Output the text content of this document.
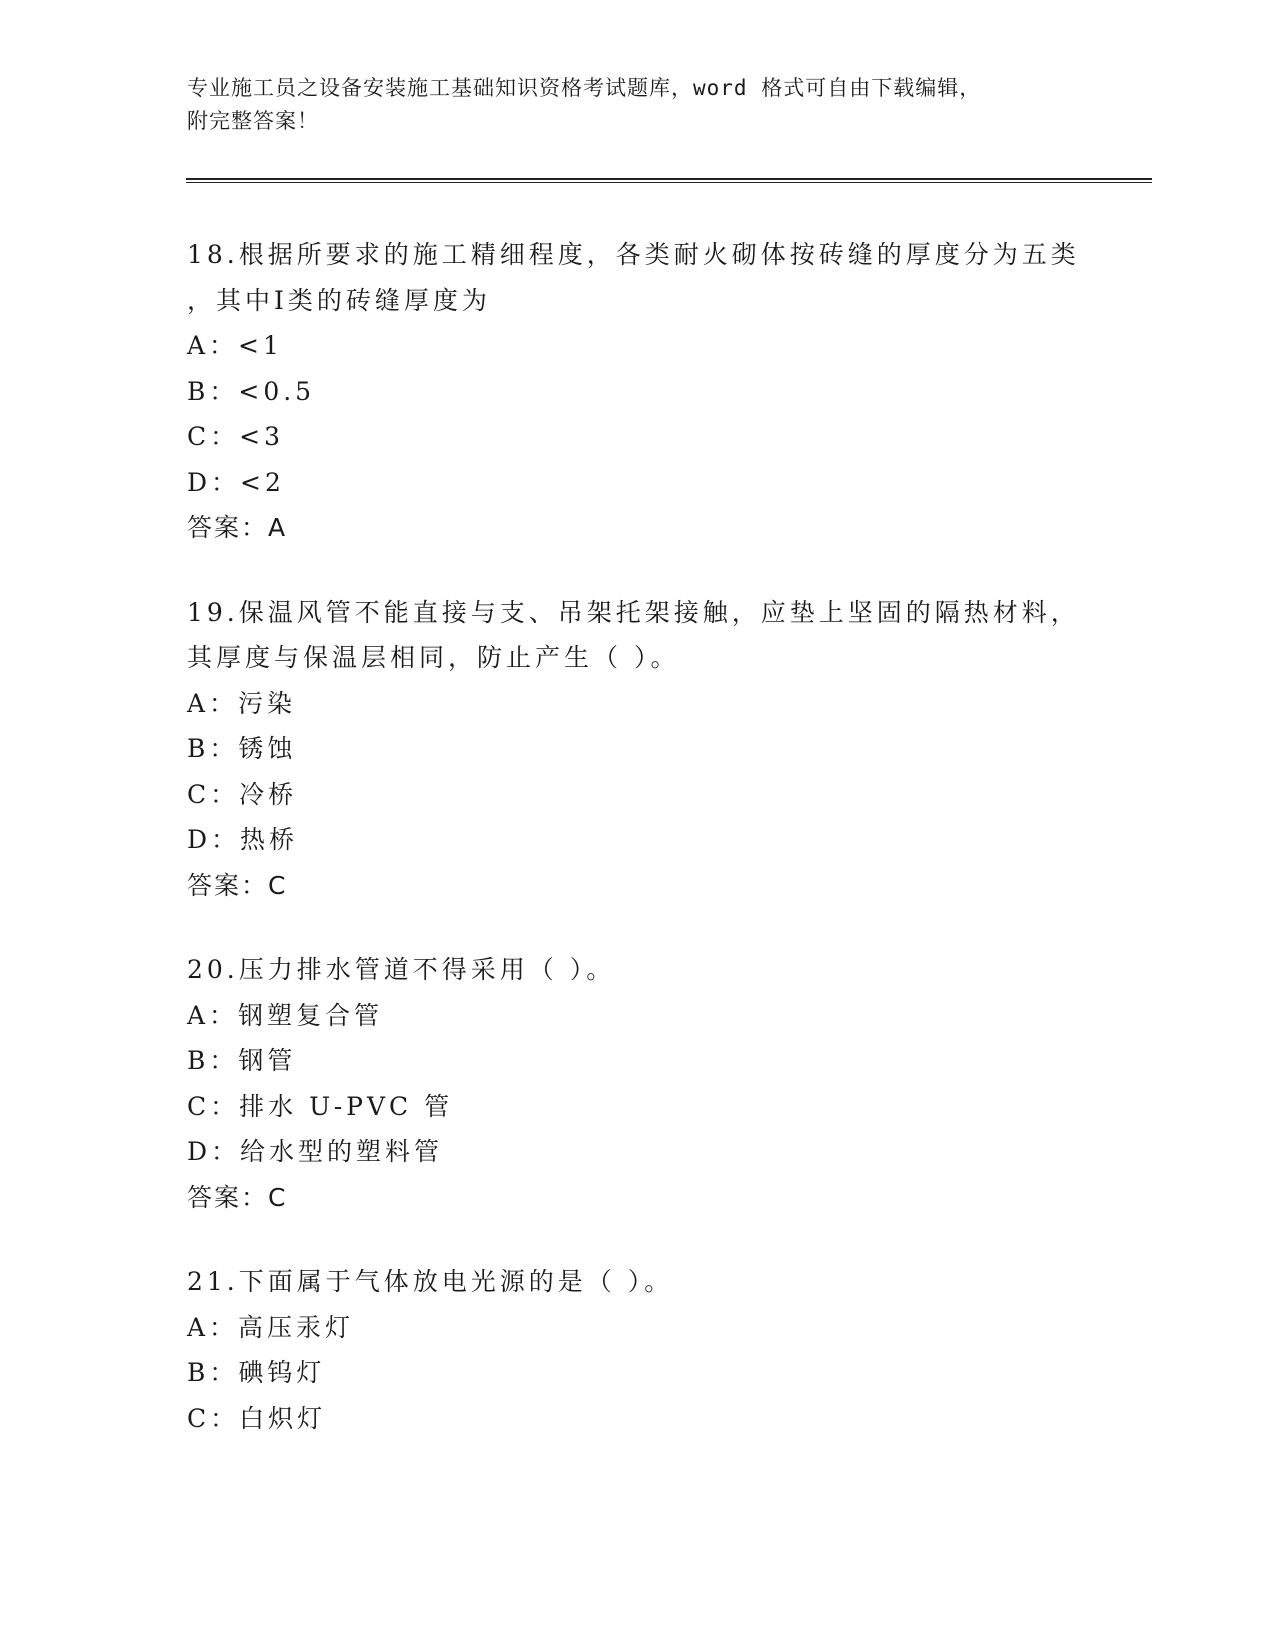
专业施工员之设备安装施工基础知识资格考试题库，word 格式可自由下载编辑，
附完整答案！
18.根据所要求的施工精细程度，各类耐火砌体按砖缝的厚度分为五类
，其中Ⅰ类的砖缝厚度为
A：<1
B：<0.5
C：<3
D：<2
答案：A
19.保温风管不能直接与支、吊架托架接触，应垫上坚固的隔热材料，
其厚度与保温层相同，防止产生（ ）。
A：污染
B：锈蚀
C：冷桥
D：热桥
答案：C
20.压力排水管道不得采用（ ）。
A：钢塑复合管
B：钢管
C：排水 U-PVC 管
D：给水型的塑料管
答案：C
21.下面属于气体放电光源的是（ ）。
A：高压汞灯
B：碘钨灯
C：白炽灯
